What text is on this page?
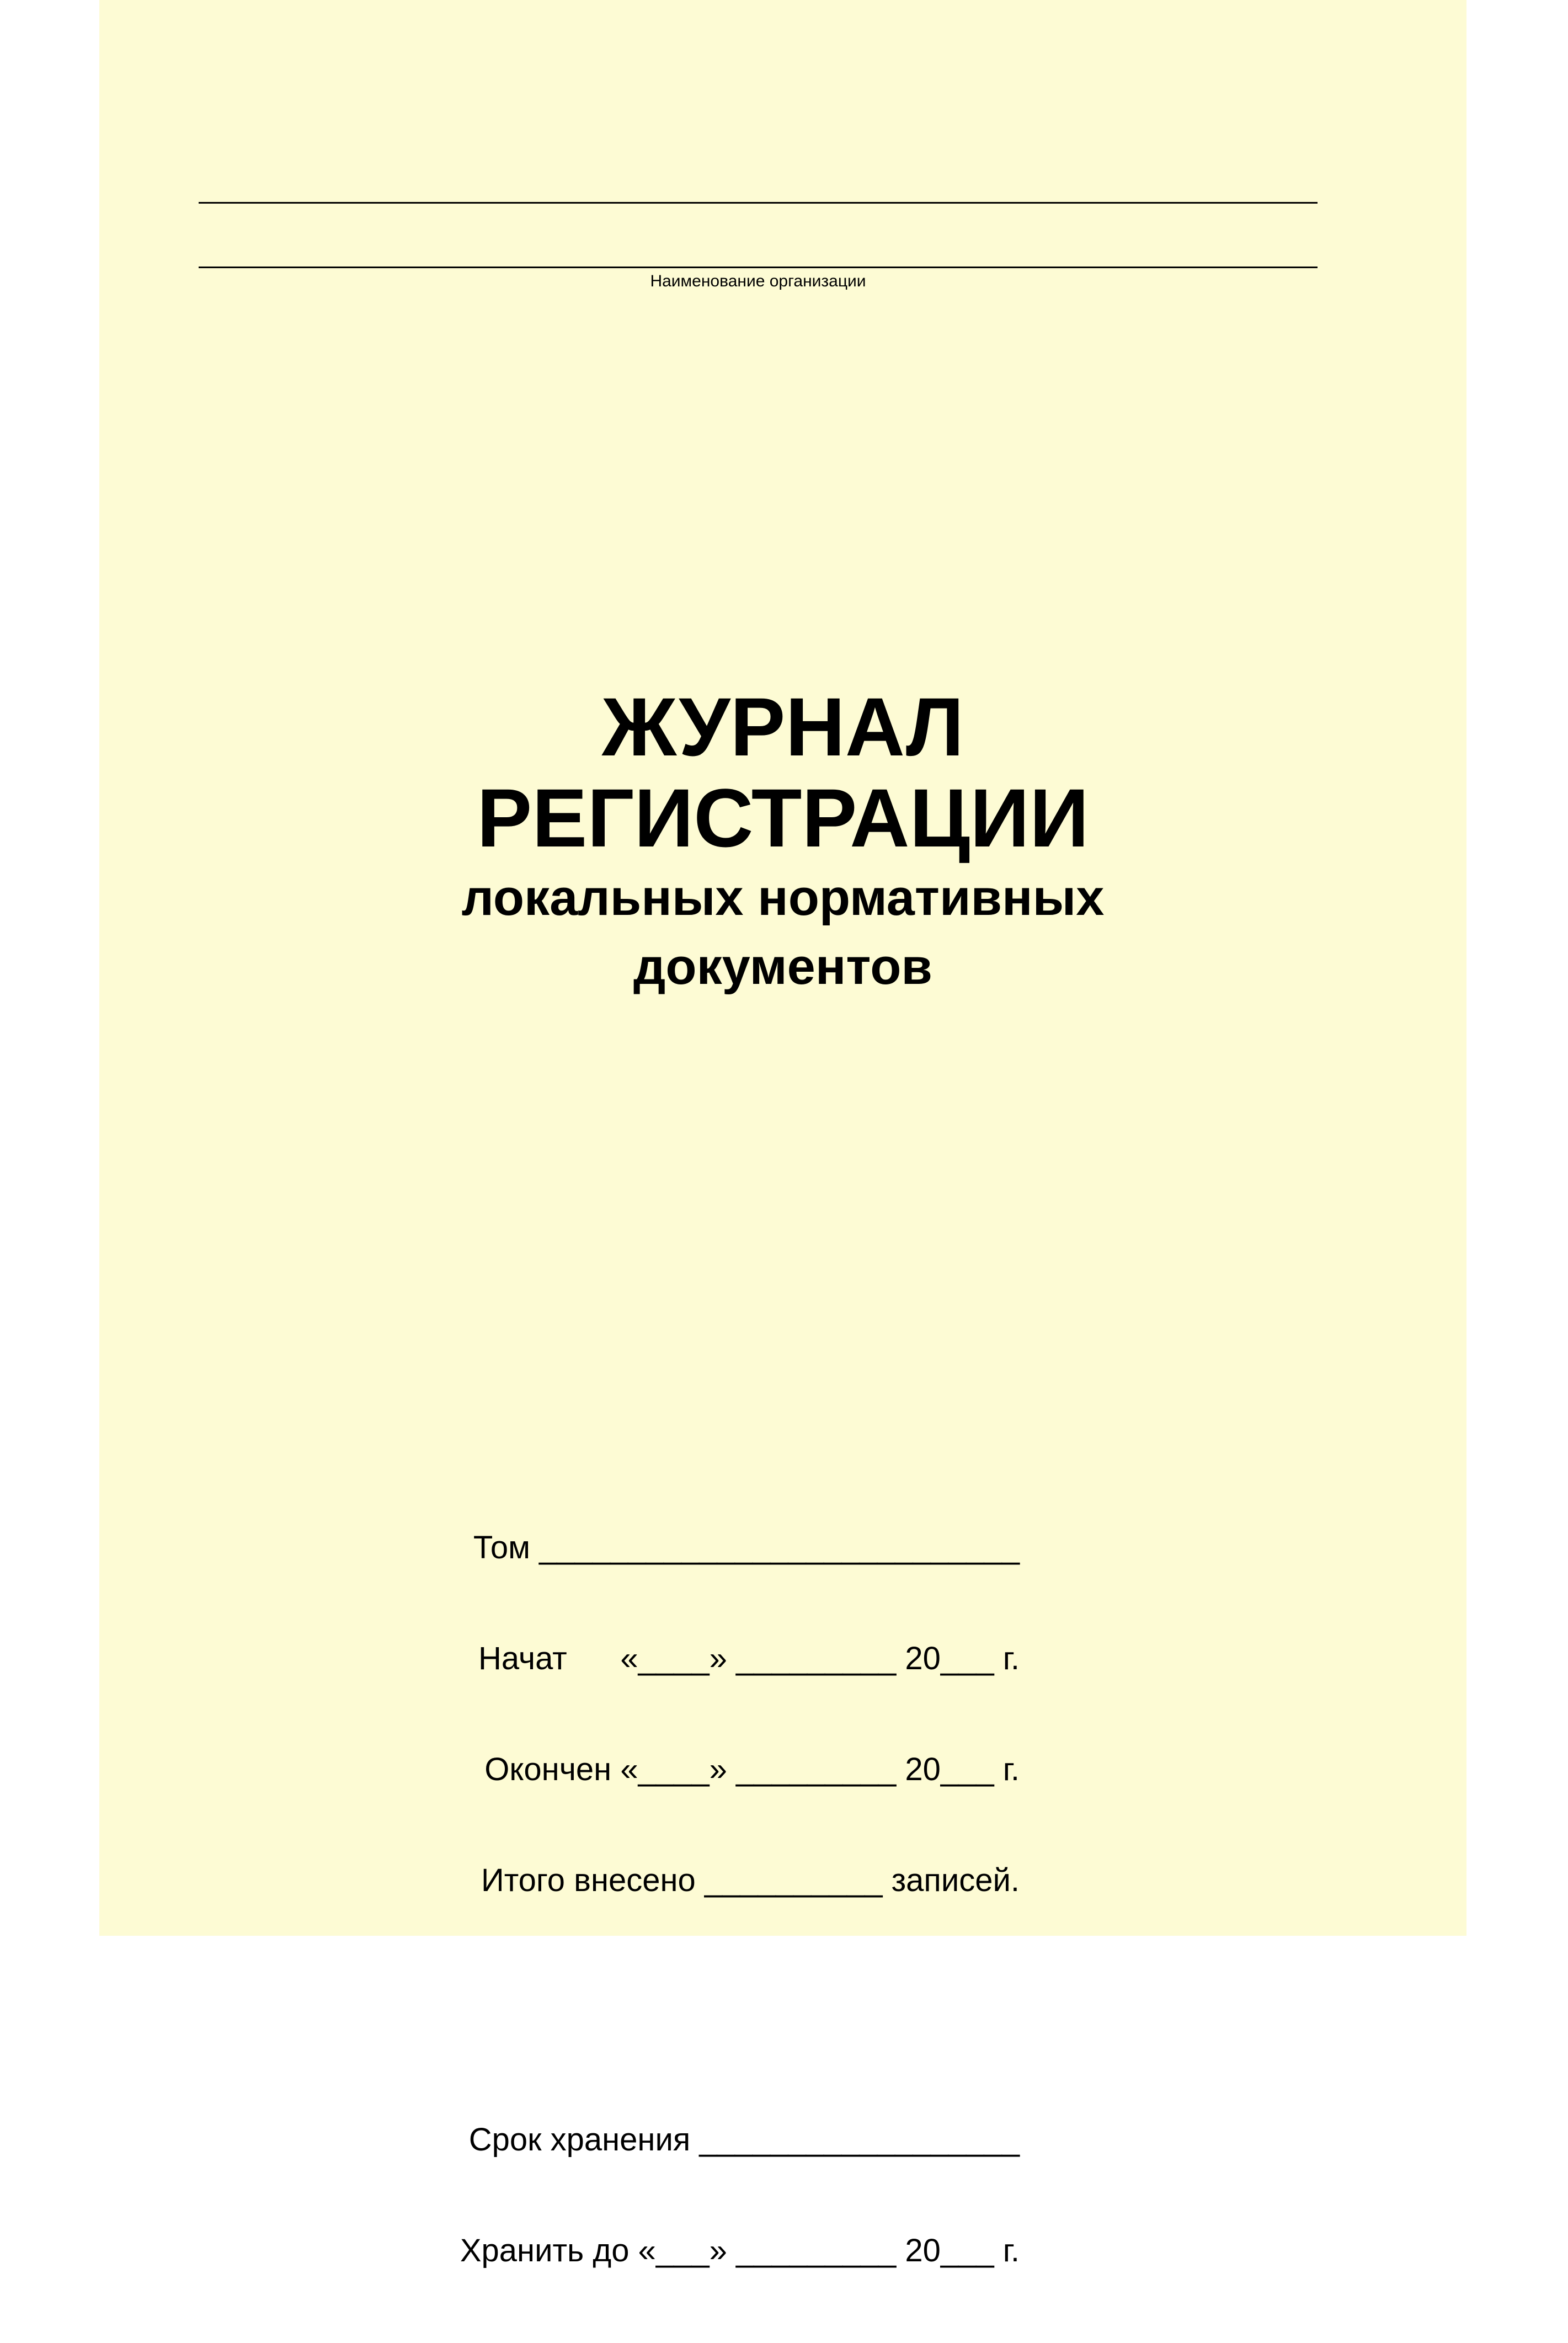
Наименование организации
ЖУРНАЛ
РЕГИСТРАЦИИ
локальных нормативных
документов

Том ___________________________

Начат      «____» _________ 20___ г.

Окончен «____» _________ 20___ г.

Итого внесено __________ записей.

Срок хранения __________________

Хранить до «___» _________ 20___ г.
